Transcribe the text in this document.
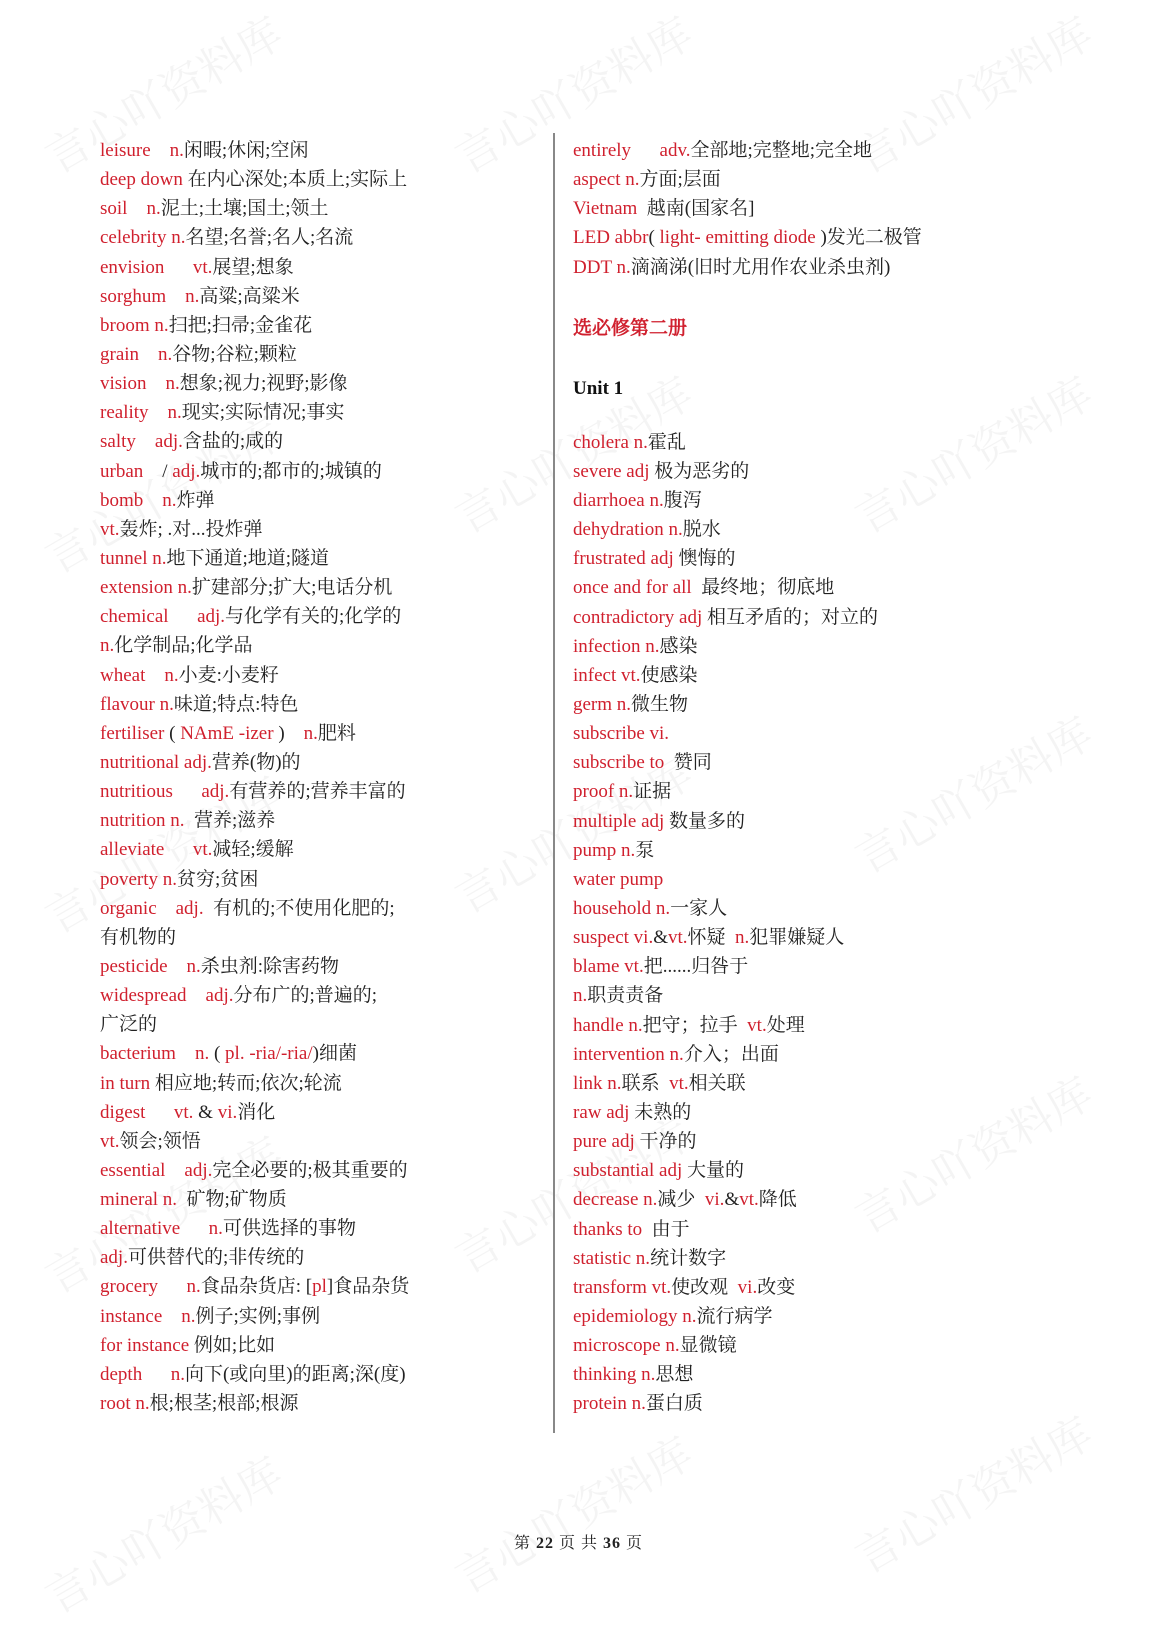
leisure    n.闲暇;休闲;空闲
deep down 在内心深处;本质上;实际上
soil    n.泥土;土壤;国土;领土
celebrity n.名望;名誉;名人;名流
envision      vt.展望;想象
sorghum    n.高粱;高粱米
broom n.扫把;扫帚;金雀花
grain    n.谷物;谷粒;颗粒
vision    n.想象;视力;视野;影像
reality    n.现实;实际情况;事实
salty    adj.含盐的;咸的
urban    / adj.城市的;都市的;城镇的
bomb    n.炸弹
vt.轰炸; .对...投炸弹
tunnel n.地下通道;地道;隧道
extension n.扩建部分;扩大;电话分机
chemical      adj.与化学有关的;化学的
n.化学制品;化学品
wheat    n.小麦:小麦籽
flavour n.味道;特点:特色
fertiliser ( NAmE -izer )    n.肥料
nutritional adj.营养(物)的
nutritious      adj.有营养的;营养丰富的
nutrition n.  营养;滋养
alleviate      vt.减轻;缓解
poverty n.贫穷;贫困
organic    adj.  有机的;不使用化肥的;
有机物的
pesticide    n.杀虫剂:除害药物
widespread    adj.分布广的;普遍的;
广泛的
bacterium    n. ( pl. -ria/-ria/)细菌
in turn 相应地;转而;依次;轮流
digest      vt. & vi.消化
vt.领会;领悟
essential    adj.完全必要的;极其重要的
mineral n.  矿物;矿物质
alternative      n.可供选择的事物
adj.可供替代的;非传统的
grocery      n.食品杂货店: [pl]食品杂货
instance    n.例子;实例;事例
for instance 例如;比如
depth      n.向下(或向里)的距离;深(度)
root n.根;根茎;根部;根源
entirely      adv.全部地;完整地;完全地
aspect n.方面;层面
Vietnam  越南(国家名]
LED abbr( light- emitting diode )发光二极管
DDT n.滴滴涕(旧时尤用作农业杀虫剂)
选必修第二册
Unit 1
cholera n.霍乱
severe adj 极为恶劣的
diarrhoea n.腹泻
dehydration n.脱水
frustrated adj 懊悔的
once and for all  最终地；彻底地
contradictory adj 相互矛盾的；对立的
infection n.感染
infect vt.使感染
germ n.微生物
subscribe vi.
subscribe to  赞同
proof n.证据
multiple adj 数量多的
pump n.泵
water pump
household n.一家人
suspect vi.&vt.怀疑  n.犯罪嫌疑人
blame vt.把......归咎于
n.职责责备
handle n.把守；拉手  vt.处理
intervention n.介入；出面
link n.联系  vt.相关联
raw adj 未熟的
pure adj 干净的
substantial adj 大量的
decrease n.减少  vi.&vt.降低
thanks to  由于
statistic n.统计数字
transform vt.使改观  vi.改变
epidemiology n.流行病学
microscope n.显微镜
thinking n.思想
protein n.蛋白质
第 22 页 共 36 页
